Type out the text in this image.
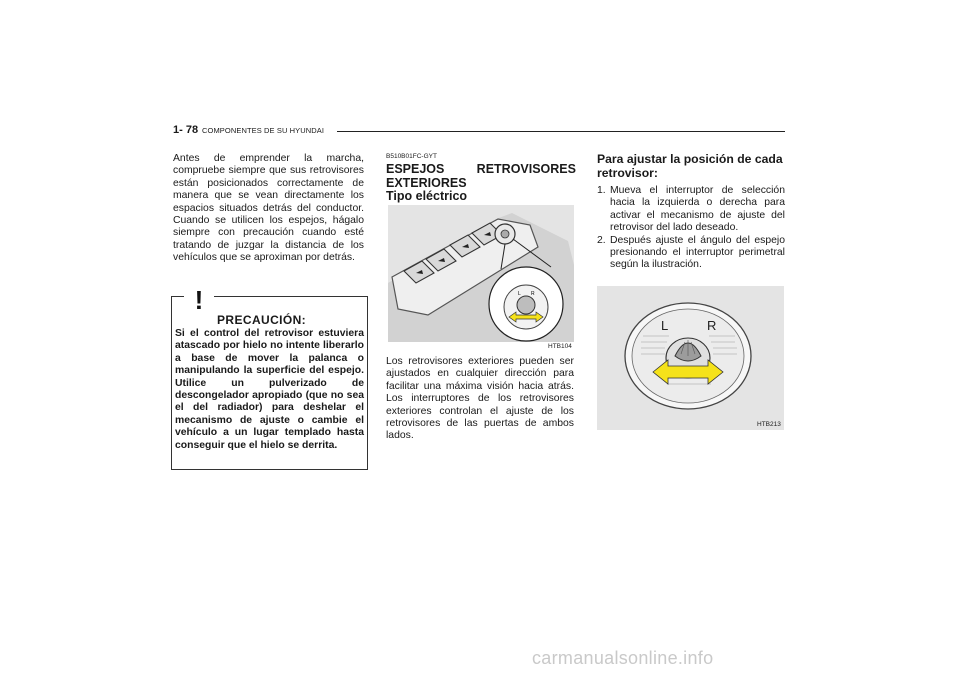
1- 78 COMPONENTES DE SU HYUNDAI
Antes de emprender la marcha, compruebe siempre que sus retrovisores están posicionados correctamente de manera que se vean directamente los espacios situados detrás del conductor. Cuando se utilicen los espejos, hágalo siempre con precaución cuando esté tratando de juzgar la distancia de los vehículos que se aproximan por detrás.
!
PRECAUCIÓN:
Si el control del retrovisor estuviera atascado por hielo no intente liberarlo a base de mover la palanca o manipulando la superficie del espejo. Utilice un pulverizado de descongelador apropiado (que no sea el del radiador) para deshelar el mecanismo de ajuste o cambie el vehículo a un lugar templado hasta conseguir que el hielo se derrita.
B510B01FC-GYT
ESPEJOS RETROVISORES
EXTERIORES
Tipo eléctrico
L R
HTB104
Los retrovisores exteriores pueden ser ajustados en cualquier dirección para facilitar una máxima visión hacia atrás. Los interruptores de los retrovisores exteriores controlan el ajuste de los retrovisores de las puertas de ambos lados.
Para ajustar la posición de cada retrovisor:
1. Mueva el interruptor de selección hacia la izquierda o derecha para activar el mecanismo de ajuste del retrovisor del lado deseado.
2. Después ajuste el ángulo del espejo presionando el interruptor perimetral según la ilustración.
L	R
HTB213
carmanualsonline.info
